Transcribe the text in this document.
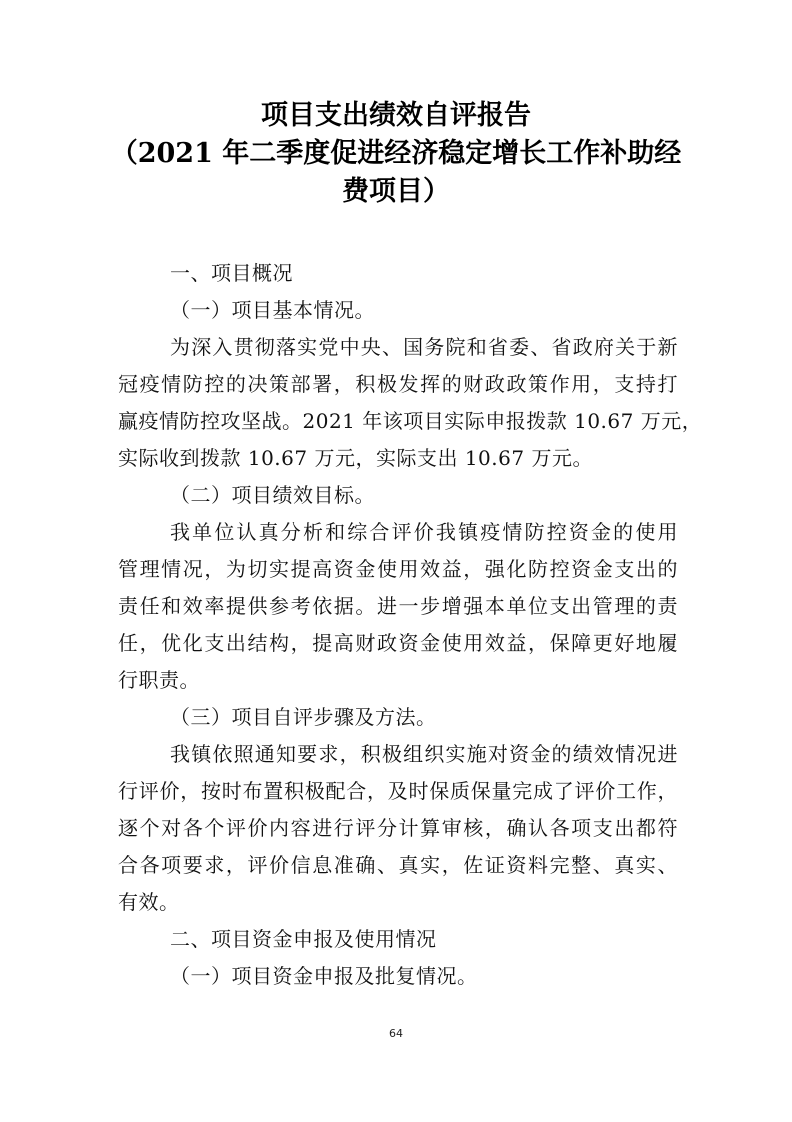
项目支出绩效自评报告
（2021 年二季度促进经济稳定增长工作补助经
费项目）

一、项目概况

（一）项目基本情况。

为深入贯彻落实党中央、国务院和省委、省政府关于新
冠疫情防控的决策部署，积极发挥的财政政策作用，支持打
赢疫情防控攻坚战。2021 年该项目实际申报拨款 10.67 万元，
实际收到拨款 10.67 万元，实际支出 10.67 万元。

（二）项目绩效目标。

我单位认真分析和综合评价我镇疫情防控资金的使用
管理情况，为切实提高资金使用效益，强化防控资金支出的
责任和效率提供参考依据。进一步增强本单位支出管理的责
任，优化支出结构，提高财政资金使用效益，保障更好地履
行职责。

（三）项目自评步骤及方法。

我镇依照通知要求，积极组织实施对资金的绩效情况进
行评价，按时布置积极配合，及时保质保量完成了评价工作，
逐个对各个评价内容进行评分计算审核，确认各项支出都符
合各项要求，评价信息准确、真实，佐证资料完整、真实、
有效。

二、项目资金申报及使用情况

（一）项目资金申报及批复情况。

64
